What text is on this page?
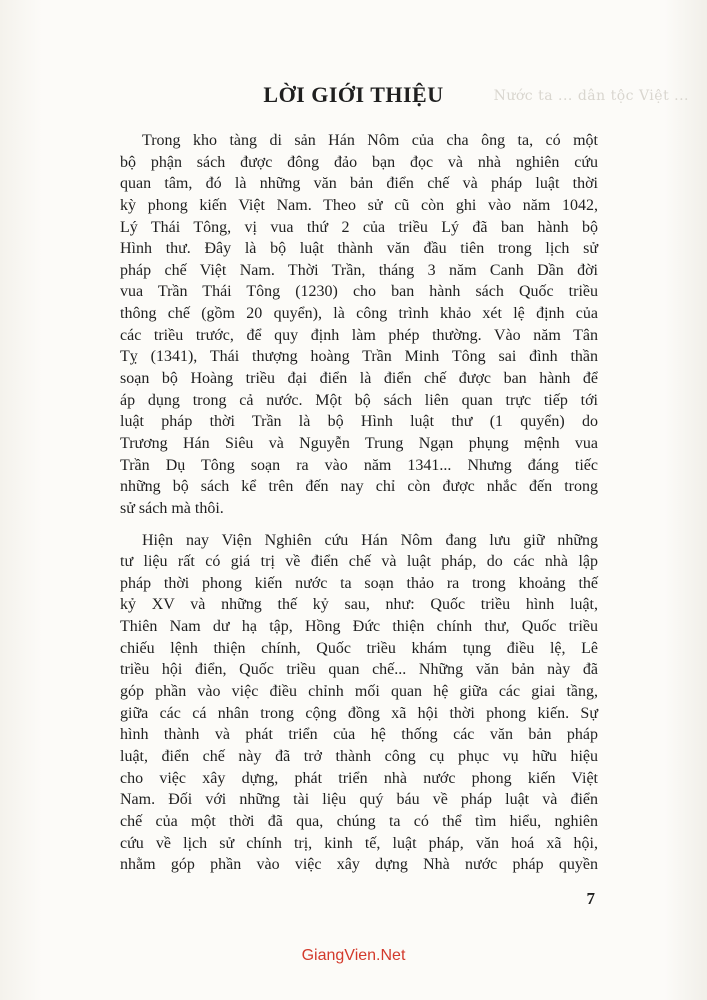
Nước ta ... dân tộc Việt ...
LỜI GIỚI THIỆU
Trong kho tàng di sản Hán Nôm của cha ông ta, có một
bộ phận sách được đông đảo bạn đọc và nhà nghiên cứu
quan tâm, đó là những văn bản điển chế và pháp luật thời
kỳ phong kiến Việt Nam. Theo sử cũ còn ghi vào năm 1042,
Lý Thái Tông, vị vua thứ 2 của triều Lý đã ban hành bộ
Hình thư. Đây là bộ luật thành văn đầu tiên trong lịch sử
pháp chế Việt Nam. Thời Trần, tháng 3 năm Canh Dần đời
vua Trần Thái Tông (1230) cho ban hành sách Quốc triều
thông chế (gồm 20 quyển), là công trình khảo xét lệ định của
các triều trước, để quy định làm phép thường. Vào năm Tân
Tỵ (1341), Thái thượng hoàng Trần Minh Tông sai đình thần
soạn bộ Hoàng triều đại điển là điển chế được ban hành để
áp dụng trong cả nước. Một bộ sách liên quan trực tiếp tới
luật pháp thời Trần là bộ Hình luật thư (1 quyển) do
Trương Hán Siêu và Nguyễn Trung Ngạn phụng mệnh vua
Trần Dụ Tông soạn ra vào năm 1341... Nhưng đáng tiếc
những bộ sách kể trên đến nay chỉ còn được nhắc đến trong
sử sách mà thôi.
Hiện nay Viện Nghiên cứu Hán Nôm đang lưu giữ những
tư liệu rất có giá trị về điển chế và luật pháp, do các nhà lập
pháp thời phong kiến nước ta soạn thảo ra trong khoảng thế
kỷ XV và những thế kỷ sau, như: Quốc triều hình luật,
Thiên Nam dư hạ tập, Hồng Đức thiện chính thư, Quốc triều
chiếu lệnh thiện chính, Quốc triều khám tụng điều lệ, Lê
triều hội điển, Quốc triều quan chế... Những văn bản này đã
góp phần vào việc điều chỉnh mối quan hệ giữa các giai tầng,
giữa các cá nhân trong cộng đồng xã hội thời phong kiến. Sự
hình thành và phát triển của hệ thống các văn bản pháp
luật, điển chế này đã trở thành công cụ phục vụ hữu hiệu
cho việc xây dựng, phát triển nhà nước phong kiến Việt
Nam. Đối với những tài liệu quý báu về pháp luật và điển
chế của một thời đã qua, chúng ta có thể tìm hiểu, nghiên
cứu về lịch sử chính trị, kinh tế, luật pháp, văn hoá xã hội,
nhằm góp phần vào việc xây dựng Nhà nước pháp quyền
7
GiangVien.Net
